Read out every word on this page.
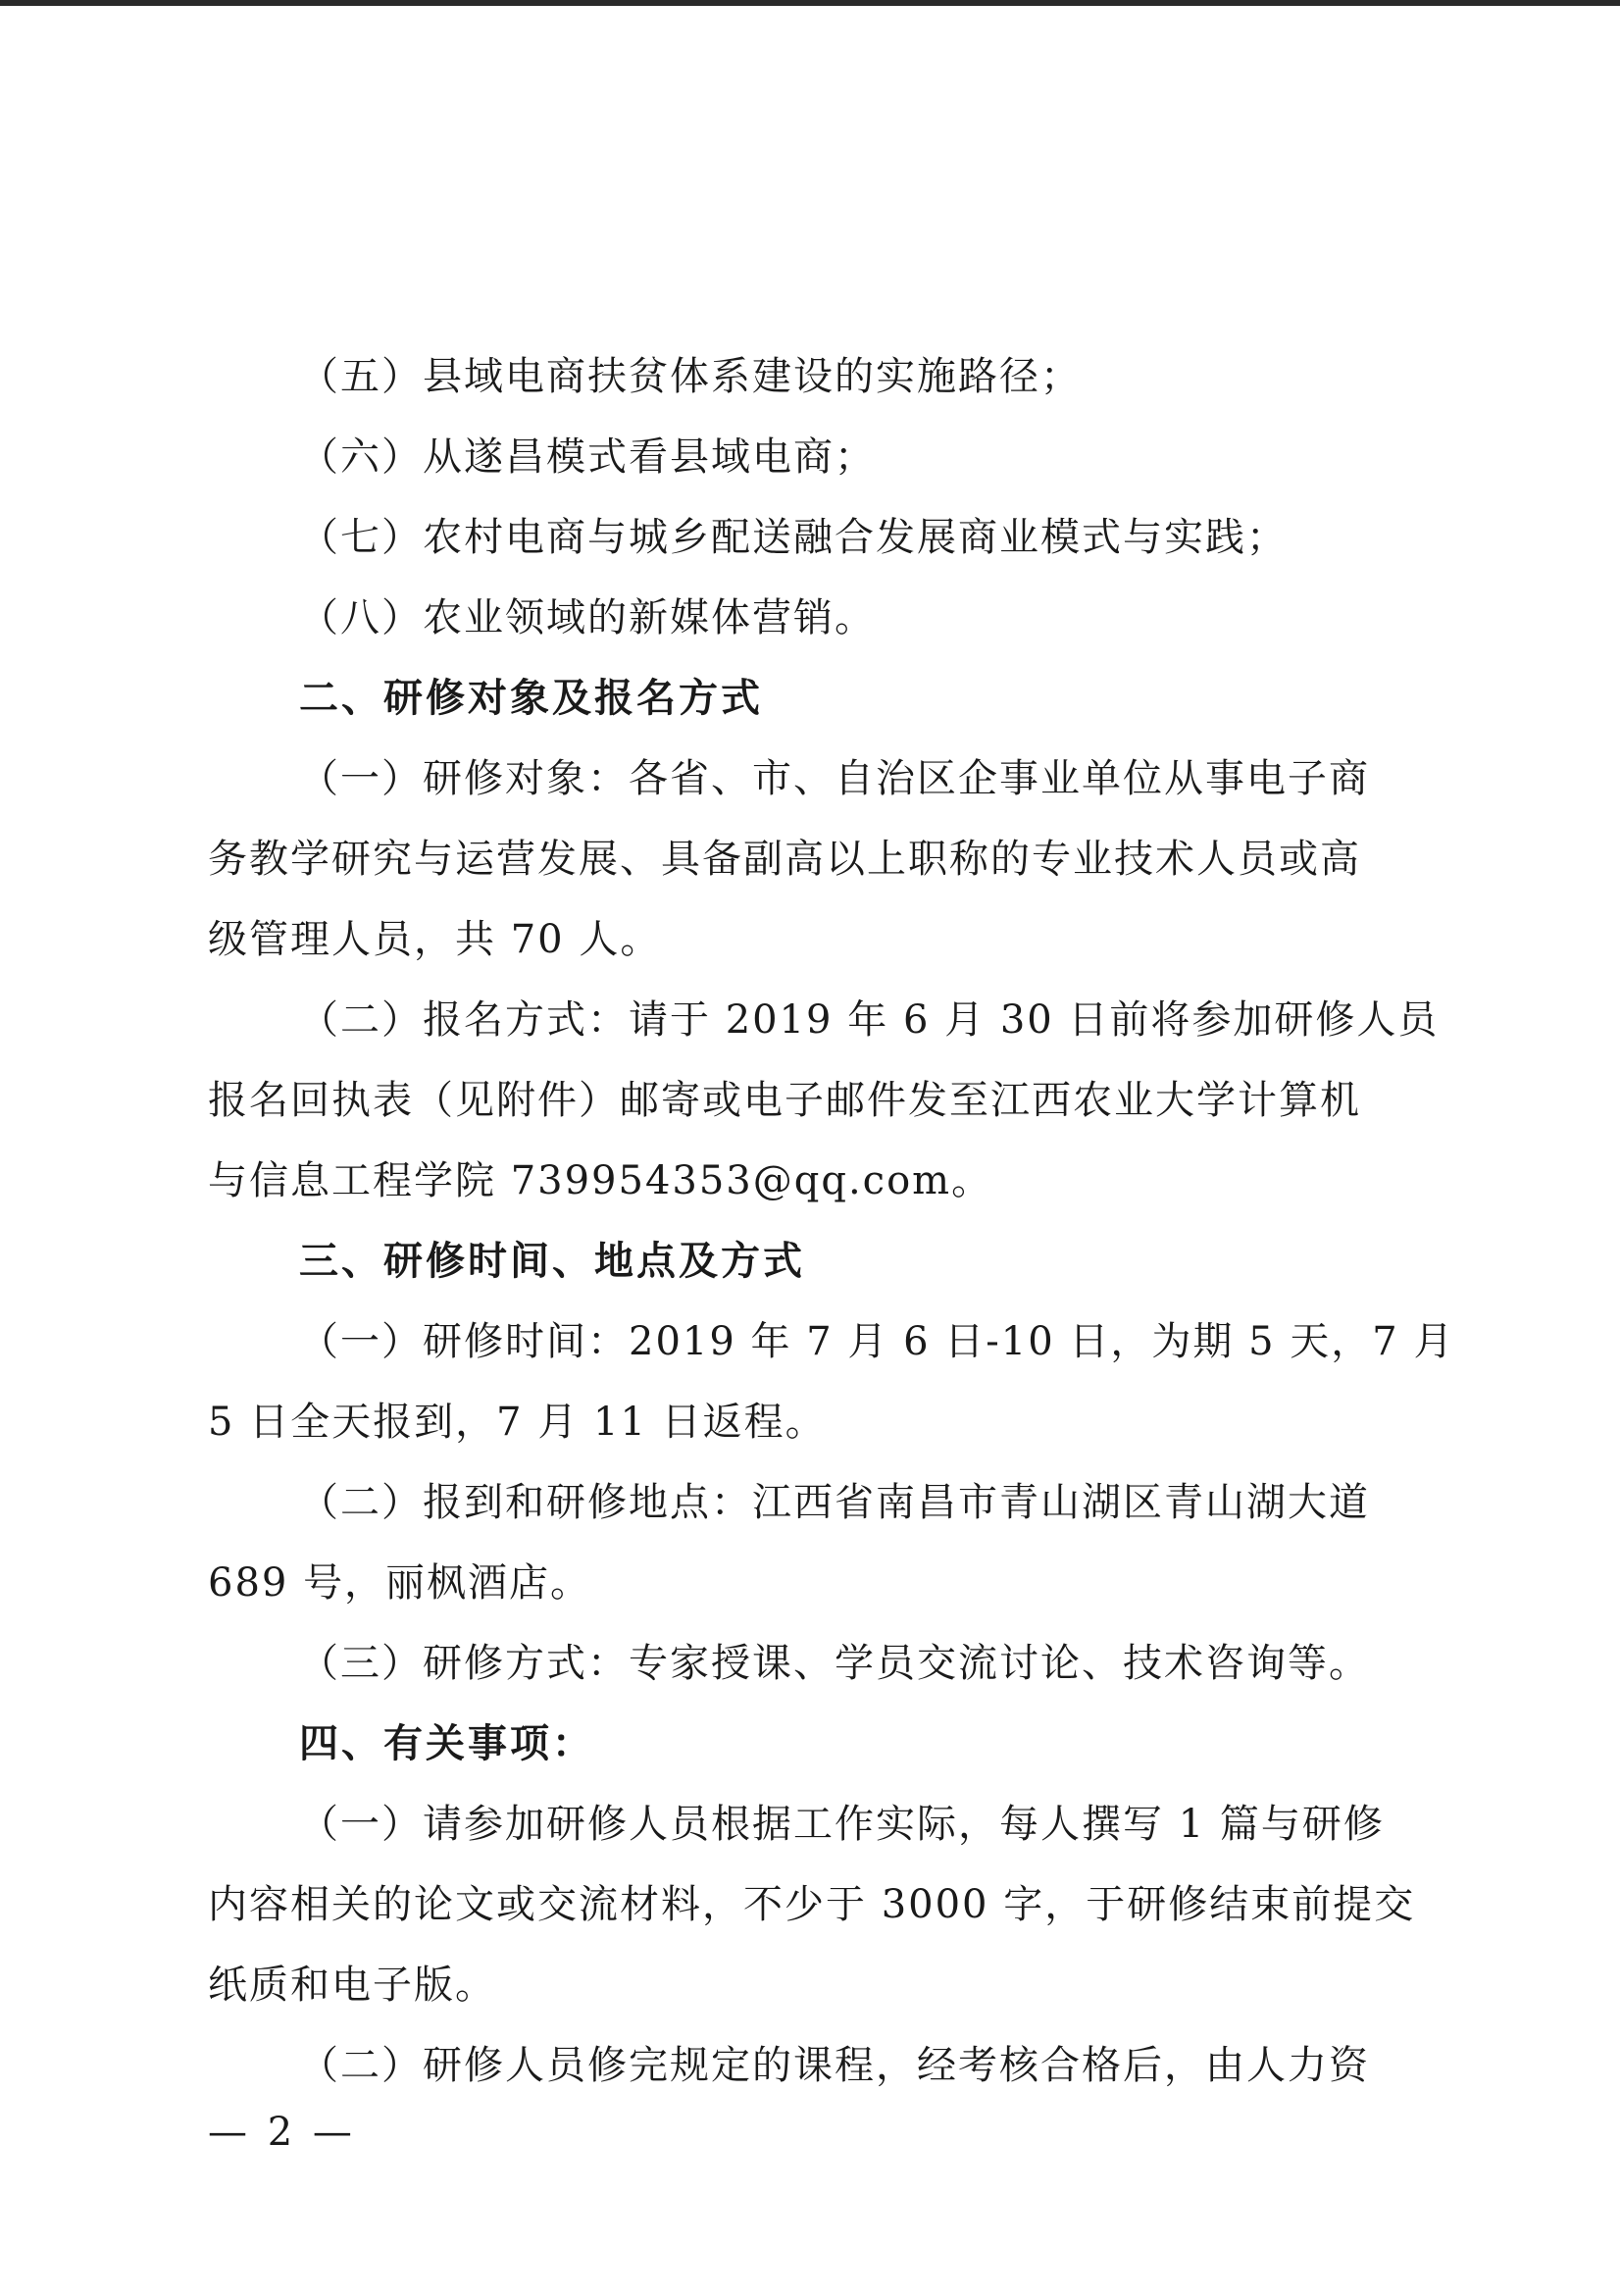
（五）县域电商扶贫体系建设的实施路径；
（六）从遂昌模式看县域电商；
（七）农村电商与城乡配送融合发展商业模式与实践；
（八）农业领域的新媒体营销。
二、研修对象及报名方式
（一）研修对象：各省、市、自治区企事业单位从事电子商
务教学研究与运营发展、具备副高以上职称的专业技术人员或高
级管理人员，共 70 人。
（二）报名方式：请于 2019 年 6 月 30 日前将参加研修人员
报名回执表（见附件）邮寄或电子邮件发至江西农业大学计算机
与信息工程学院 739954353@qq.com。
三、研修时间、地点及方式
（一）研修时间：2019 年 7 月 6 日-10 日，为期 5 天，7 月
5 日全天报到，7 月 11 日返程。
（二）报到和研修地点：江西省南昌市青山湖区青山湖大道
689 号，丽枫酒店。
（三）研修方式：专家授课、学员交流讨论、技术咨询等。
四、有关事项：
（一）请参加研修人员根据工作实际，每人撰写 1 篇与研修
内容相关的论文或交流材料，不少于 3000 字，于研修结束前提交
纸质和电子版。
（二）研修人员修完规定的课程，经考核合格后，由人力资
— 2 —
